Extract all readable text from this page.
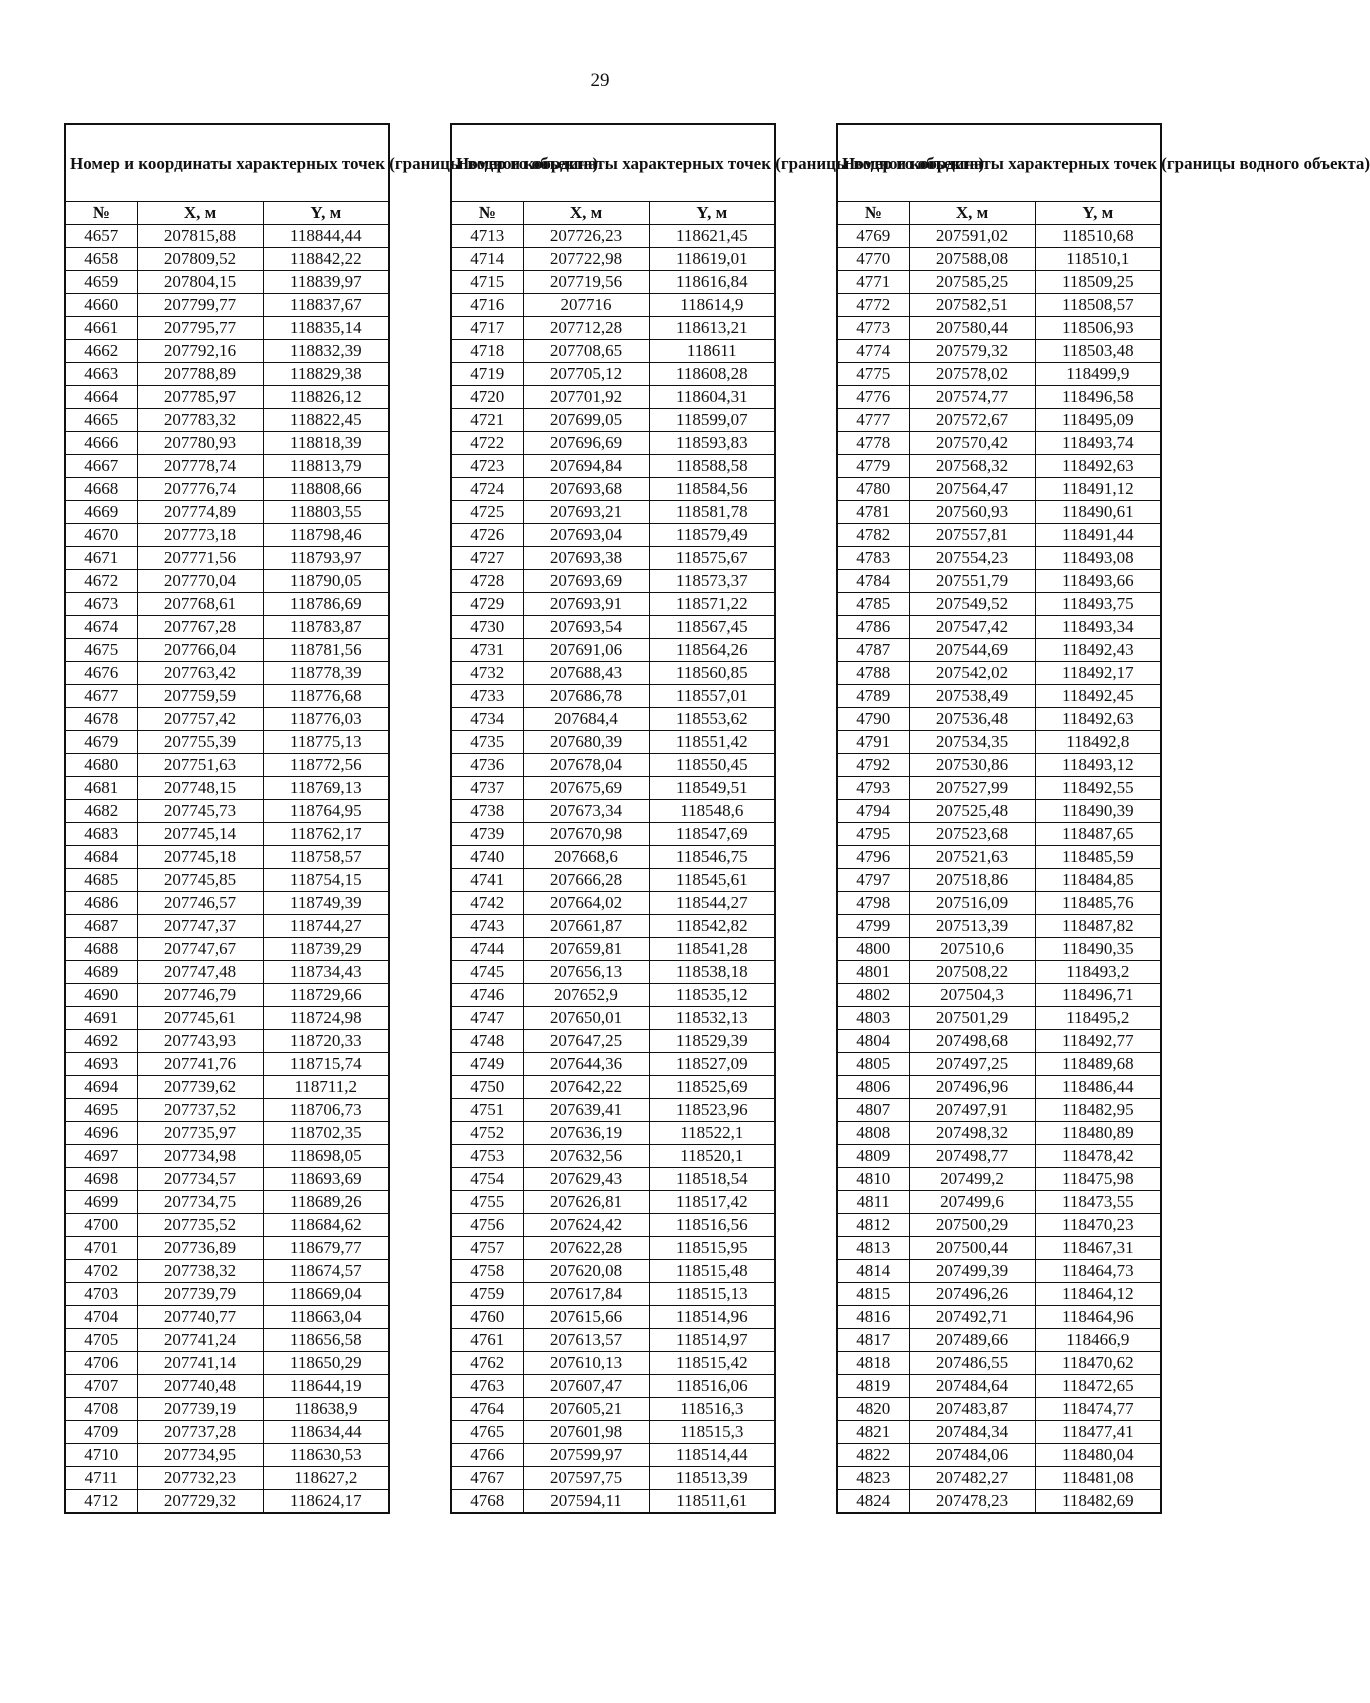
29
Номер и координаты характерных точек (границы водного объекта)		
№	X, м	Y, м
4657	207815,88	118844,44
4658	207809,52	118842,22
4659	207804,15	118839,97
4660	207799,77	118837,67
4661	207795,77	118835,14
4662	207792,16	118832,39
4663	207788,89	118829,38
4664	207785,97	118826,12
4665	207783,32	118822,45
4666	207780,93	118818,39
4667	207778,74	118813,79
4668	207776,74	118808,66
4669	207774,89	118803,55
4670	207773,18	118798,46
4671	207771,56	118793,97
4672	207770,04	118790,05
4673	207768,61	118786,69
4674	207767,28	118783,87
4675	207766,04	118781,56
4676	207763,42	118778,39
4677	207759,59	118776,68
4678	207757,42	118776,03
4679	207755,39	118775,13
4680	207751,63	118772,56
4681	207748,15	118769,13
4682	207745,73	118764,95
4683	207745,14	118762,17
4684	207745,18	118758,57
4685	207745,85	118754,15
4686	207746,57	118749,39
4687	207747,37	118744,27
4688	207747,67	118739,29
4689	207747,48	118734,43
4690	207746,79	118729,66
4691	207745,61	118724,98
4692	207743,93	118720,33
4693	207741,76	118715,74
4694	207739,62	118711,2
4695	207737,52	118706,73
4696	207735,97	118702,35
4697	207734,98	118698,05
4698	207734,57	118693,69
4699	207734,75	118689,26
4700	207735,52	118684,62
4701	207736,89	118679,77
4702	207738,32	118674,57
4703	207739,79	118669,04
4704	207740,77	118663,04
4705	207741,24	118656,58
4706	207741,14	118650,29
4707	207740,48	118644,19
4708	207739,19	118638,9
4709	207737,28	118634,44
4710	207734,95	118630,53
4711	207732,23	118627,2
4712	207729,32	118624,17
Номер и координаты характерных точек (границы водного объекта)		
№	X, м	Y, м
4713	207726,23	118621,45
4714	207722,98	118619,01
4715	207719,56	118616,84
4716	207716	118614,9
4717	207712,28	118613,21
4718	207708,65	118611
4719	207705,12	118608,28
4720	207701,92	118604,31
4721	207699,05	118599,07
4722	207696,69	118593,83
4723	207694,84	118588,58
4724	207693,68	118584,56
4725	207693,21	118581,78
4726	207693,04	118579,49
4727	207693,38	118575,67
4728	207693,69	118573,37
4729	207693,91	118571,22
4730	207693,54	118567,45
4731	207691,06	118564,26
4732	207688,43	118560,85
4733	207686,78	118557,01
4734	207684,4	118553,62
4735	207680,39	118551,42
4736	207678,04	118550,45
4737	207675,69	118549,51
4738	207673,34	118548,6
4739	207670,98	118547,69
4740	207668,6	118546,75
4741	207666,28	118545,61
4742	207664,02	118544,27
4743	207661,87	118542,82
4744	207659,81	118541,28
4745	207656,13	118538,18
4746	207652,9	118535,12
4747	207650,01	118532,13
4748	207647,25	118529,39
4749	207644,36	118527,09
4750	207642,22	118525,69
4751	207639,41	118523,96
4752	207636,19	118522,1
4753	207632,56	118520,1
4754	207629,43	118518,54
4755	207626,81	118517,42
4756	207624,42	118516,56
4757	207622,28	118515,95
4758	207620,08	118515,48
4759	207617,84	118515,13
4760	207615,66	118514,96
4761	207613,57	118514,97
4762	207610,13	118515,42
4763	207607,47	118516,06
4764	207605,21	118516,3
4765	207601,98	118515,3
4766	207599,97	118514,44
4767	207597,75	118513,39
4768	207594,11	118511,61
Номер и координаты характерных точек (границы водного объекта)		
№	X, м	Y, м
4769	207591,02	118510,68
4770	207588,08	118510,1
4771	207585,25	118509,25
4772	207582,51	118508,57
4773	207580,44	118506,93
4774	207579,32	118503,48
4775	207578,02	118499,9
4776	207574,77	118496,58
4777	207572,67	118495,09
4778	207570,42	118493,74
4779	207568,32	118492,63
4780	207564,47	118491,12
4781	207560,93	118490,61
4782	207557,81	118491,44
4783	207554,23	118493,08
4784	207551,79	118493,66
4785	207549,52	118493,75
4786	207547,42	118493,34
4787	207544,69	118492,43
4788	207542,02	118492,17
4789	207538,49	118492,45
4790	207536,48	118492,63
4791	207534,35	118492,8
4792	207530,86	118493,12
4793	207527,99	118492,55
4794	207525,48	118490,39
4795	207523,68	118487,65
4796	207521,63	118485,59
4797	207518,86	118484,85
4798	207516,09	118485,76
4799	207513,39	118487,82
4800	207510,6	118490,35
4801	207508,22	118493,2
4802	207504,3	118496,71
4803	207501,29	118495,2
4804	207498,68	118492,77
4805	207497,25	118489,68
4806	207496,96	118486,44
4807	207497,91	118482,95
4808	207498,32	118480,89
4809	207498,77	118478,42
4810	207499,2	118475,98
4811	207499,6	118473,55
4812	207500,29	118470,23
4813	207500,44	118467,31
4814	207499,39	118464,73
4815	207496,26	118464,12
4816	207492,71	118464,96
4817	207489,66	118466,9
4818	207486,55	118470,62
4819	207484,64	118472,65
4820	207483,87	118474,77
4821	207484,34	118477,41
4822	207484,06	118480,04
4823	207482,27	118481,08
4824	207478,23	118482,69
